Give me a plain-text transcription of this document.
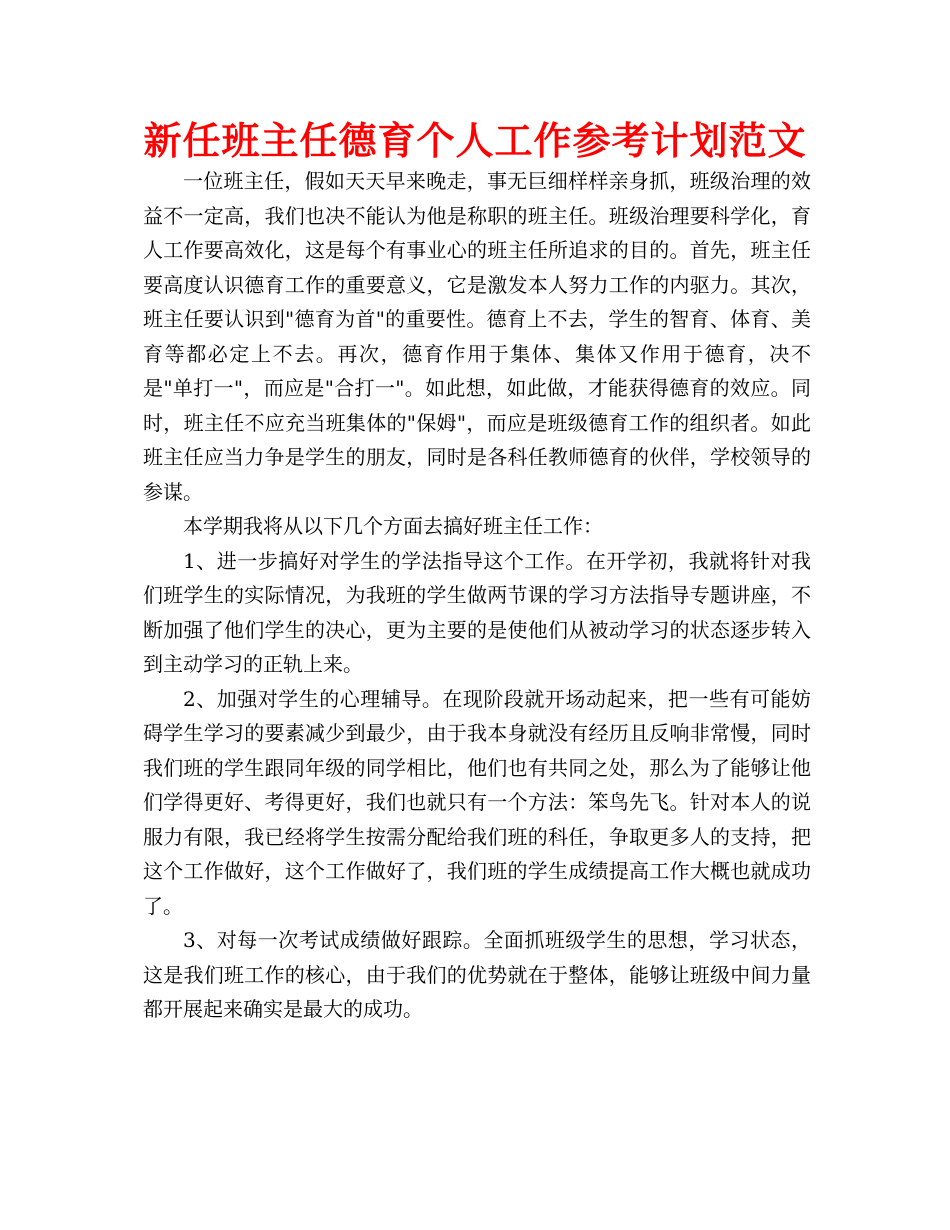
新任班主任德育个人工作参考计划范文

一位班主任，假如天天早来晚走，事无巨细样样亲身抓，班级治理的效益不一定高，我们也决不能认为他是称职的班主任。班级治理要科学化，育人工作要高效化，这是每个有事业心的班主任所追求的目的。首先，班主任要高度认识德育工作的重要意义，它是激发本人努力工作的内驱力。其次，班主任要认识到"德育为首"的重要性。德育上不去，学生的智育、体育、美育等都必定上不去。再次，德育作用于集体、集体又作用于德育，决不是"单打一"，而应是"合打一"。如此想，如此做，才能获得德育的效应。同时，班主任不应充当班集体的"保姆"，而应是班级德育工作的组织者。如此班主任应当力争是学生的朋友，同时是各科任教师德育的伙伴，学校领导的参谋。

本学期我将从以下几个方面去搞好班主任工作：

1、进一步搞好对学生的学法指导这个工作。在开学初，我就将针对我们班学生的实际情况，为我班的学生做两节课的学习方法指导专题讲座，不断加强了他们学生的决心，更为主要的是使他们从被动学习的状态逐步转入到主动学习的正轨上来。

2、加强对学生的心理辅导。在现阶段就开场动起来，把一些有可能妨碍学生学习的要素减少到最少，由于我本身就没有经历且反响非常慢，同时我们班的学生跟同年级的同学相比，他们也有共同之处，那么为了能够让他们学得更好、考得更好，我们也就只有一个方法：笨鸟先飞。针对本人的说服力有限，我已经将学生按需分配给我们班的科任，争取更多人的支持，把这个工作做好，这个工作做好了，我们班的学生成绩提高工作大概也就成功了。

3、对每一次考试成绩做好跟踪。全面抓班级学生的思想，学习状态，这是我们班工作的核心，由于我们的优势就在于整体，能够让班级中间力量都开展起来确实是最大的成功。
